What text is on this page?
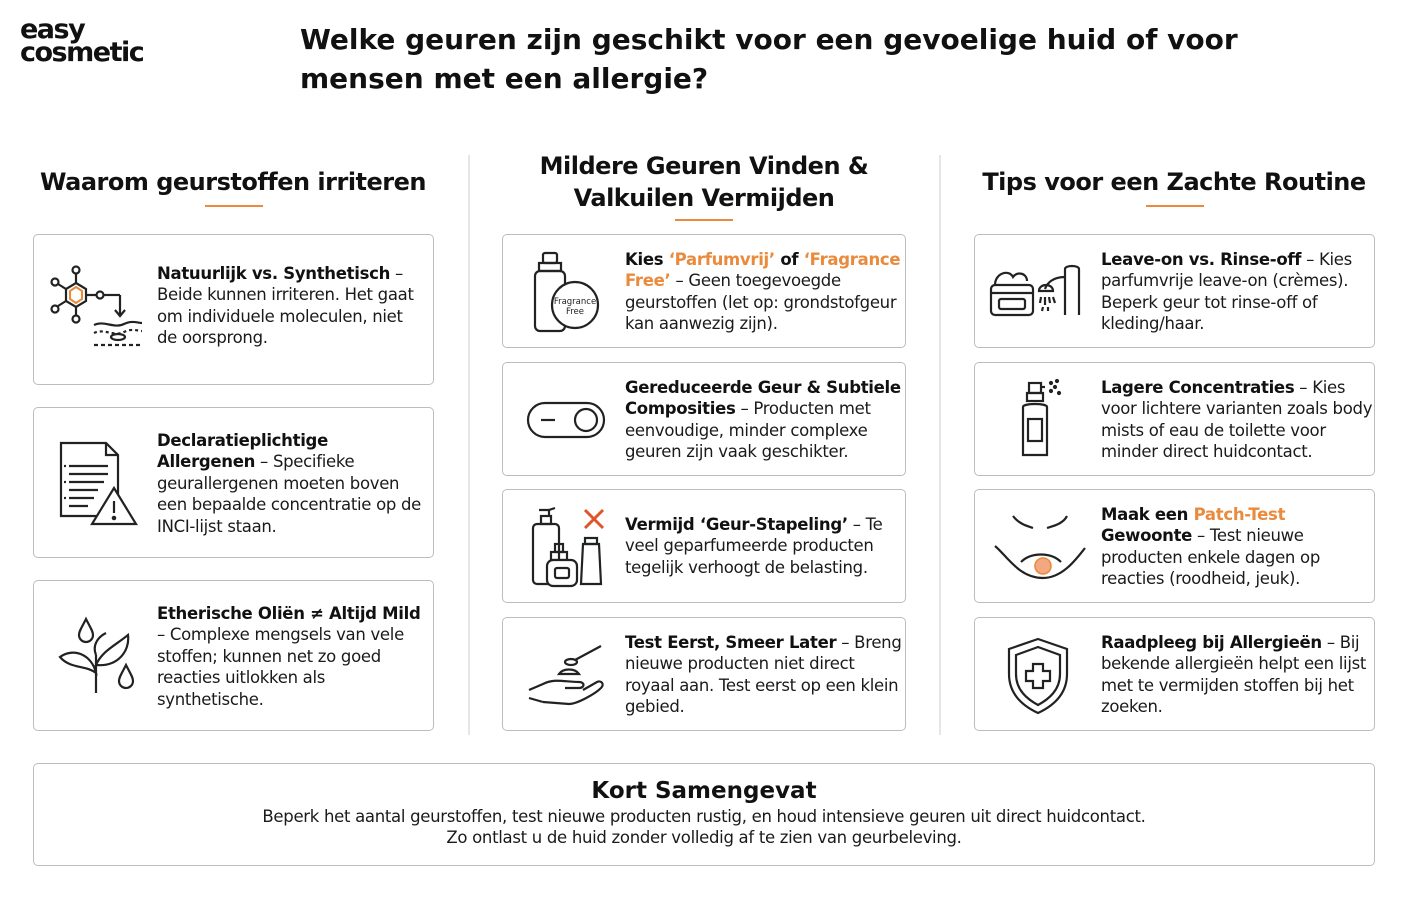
easy
cosmetic	Welke geuren zijn geschikt voor een gevoelige huid of voor mensen met een allergie?
Waarom geurstoffen irriteren
Mildere Geuren Vinden &
Valkuilen Vermijden
Tips voor een Zachte Routine
Natuurlijk vs. Synthetisch – Beide kunnen irriteren. Het gaat om individuele moleculen, niet de oorsprong.
Declaratieplichtige Allergenen – Specifieke geurallergenen moeten boven een bepaalde concentratie op de INCI-lijst staan.
Etherische Oliën ≠ Altijd Mild – Complexe mengsels van vele stoffen; kunnen net zo goed reacties uitlokken als synthetische.
Fragrance
Free
Kies ‘Parfumvrij’ of ‘Fragrance Free’ – Geen toegevoegde geurstoffen (let op: grondstofgeur kan aanwezig zijn).
Gereduceerde Geur & Subtiele Composities – Producten met eenvoudige, minder complexe geuren zijn vaak geschikter.
Vermijd ‘Geur-Stapeling’ – Te veel geparfumeerde producten tegelijk verhoogt de belasting.
Test Eerst, Smeer Later – Breng nieuwe producten niet direct royaal aan. Test eerst op een klein gebied.
Leave-on vs. Rinse-off – Kies parfumvrije leave-on (crèmes). Beperk geur tot rinse-off of kleding/haar.
Lagere Concentraties – Kies voor lichtere varianten zoals body mists of eau de toilette voor minder direct huidcontact.
Maak een Patch-Test
Gewoonte – Test nieuwe producten enkele dagen op reacties (roodheid, jeuk).
Raadpleeg bij Allergieën – Bij bekende allergieën helpt een lijst met te vermijden stoffen bij het zoeken.
Kort Samengevat
Beperk het aantal geurstoffen, test nieuwe producten rustig, en houd intensieve geuren uit direct huidcontact.
Zo ontlast u de huid zonder volledig af te zien van geurbeleving.
